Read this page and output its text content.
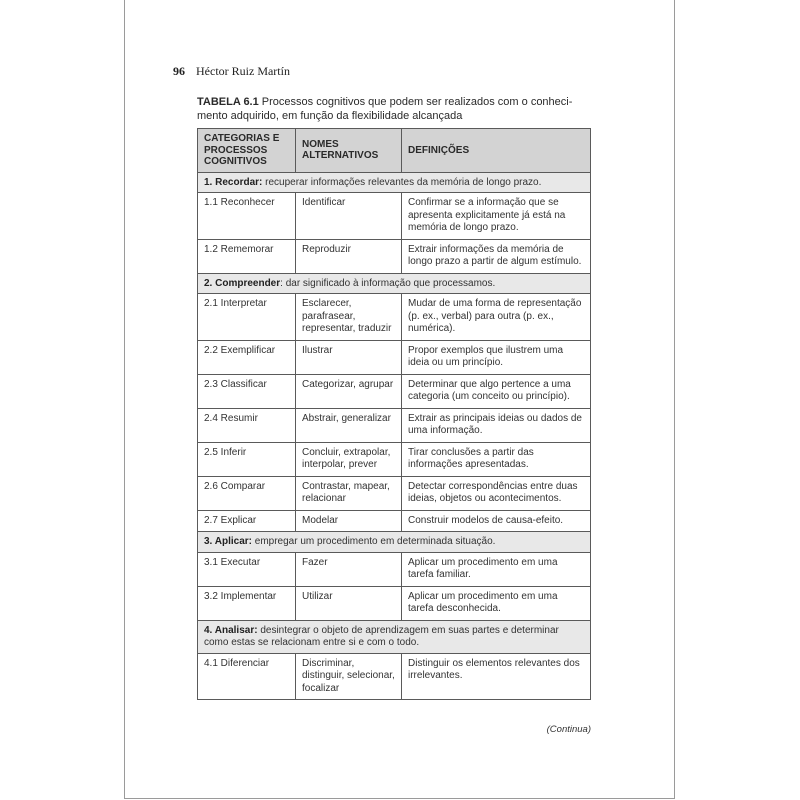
96 Héctor Ruiz Martín
TABELA 6.1 Processos cognitivos que podem ser realizados com o conheci-mento adquirido, em função da flexibilidade alcançada
CATEGORIAS E PROCESSOS COGNITIVOS	NOMES ALTERNATIVOS	DEFINIÇÕES
1. Recordar: recuperar informações relevantes da memória de longo prazo.		
1.1 Reconhecer	Identificar	Confirmar se a informação que se apresenta explicitamente já está na memória de longo prazo.
1.2 Rememorar	Reproduzir	Extrair informações da memória de longo prazo a partir de algum estímulo.
2. Compreender: dar significado à informação que processamos.		
2.1 Interpretar	Esclarecer, parafrasear, representar, traduzir	Mudar de uma forma de representação (p. ex., verbal) para outra (p. ex., numérica).
2.2 Exemplificar	Ilustrar	Propor exemplos que ilustrem uma ideia ou um princípio.
2.3 Classificar	Categorizar, agrupar	Determinar que algo pertence a uma categoria (um conceito ou princípio).
2.4 Resumir	Abstrair, generalizar	Extrair as principais ideias ou dados de uma informação.
2.5 Inferir	Concluir, extrapolar, interpolar, prever	Tirar conclusões a partir das informações apresentadas.
2.6 Comparar	Contrastar, mapear, relacionar	Detectar correspondências entre duas ideias, objetos ou acontecimentos.
2.7 Explicar	Modelar	Construir modelos de causa-efeito.
3. Aplicar: empregar um procedimento em determinada situação.		
3.1 Executar	Fazer	Aplicar um procedimento em uma tarefa familiar.
3.2 Implementar	Utilizar	Aplicar um procedimento em uma tarefa desconhecida.
4. Analisar: desintegrar o objeto de aprendizagem em suas partes e determinar como estas se relacionam entre si e com o todo.		
4.1 Diferenciar	Discriminar, distinguir, selecionar, focalizar	Distinguir os elementos relevantes dos irrelevantes.
(Continua)
